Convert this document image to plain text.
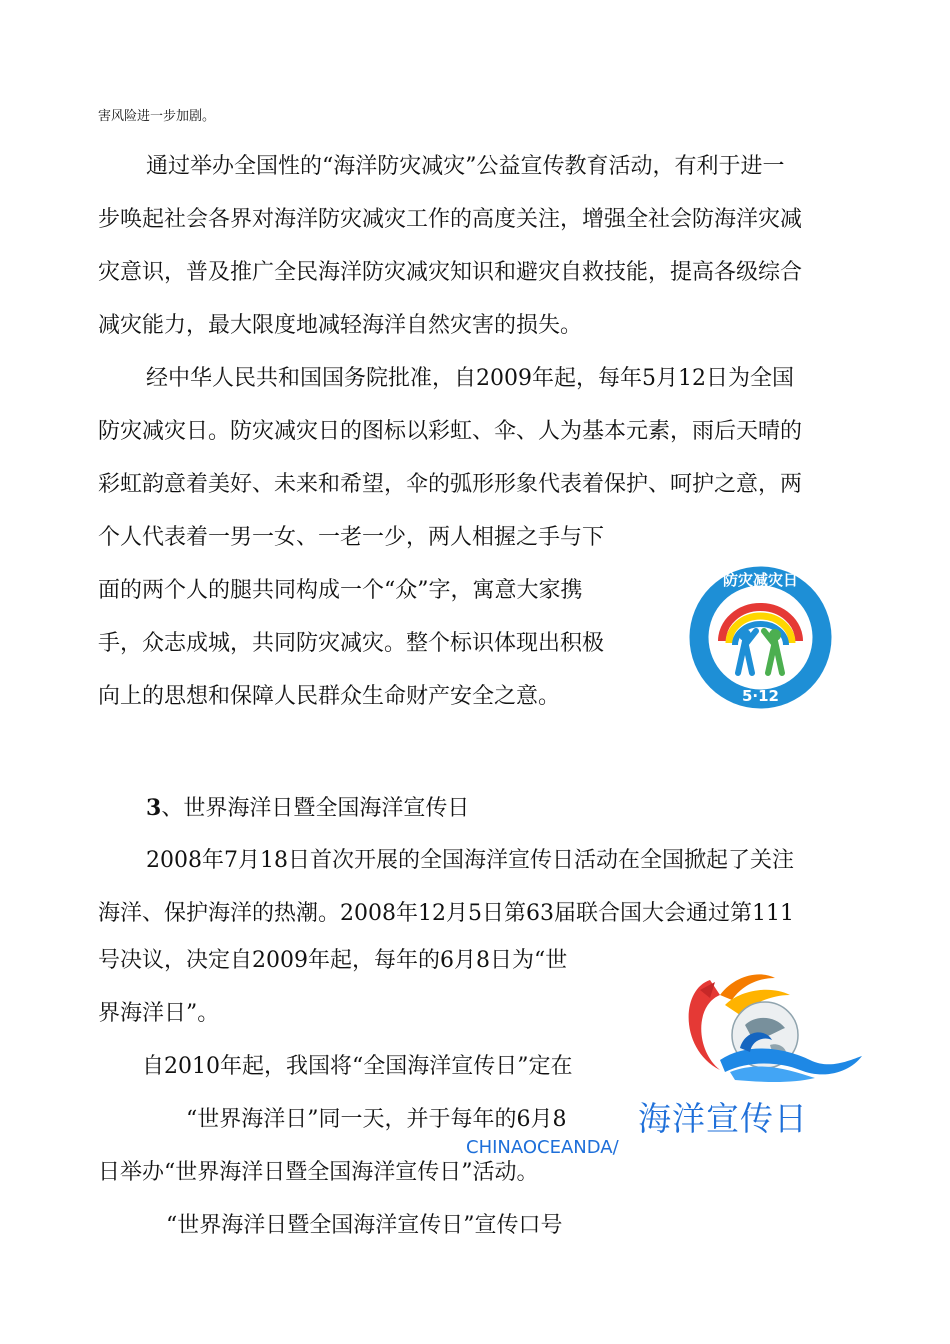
害风险进一步加剧。
通过举办全国性的“海洋防灾减灾”公益宣传教育活动，有利于进一
步唤起社会各界对海洋防灾减灾工作的高度关注，增强全社会防海洋灾减
灾意识，普及推广全民海洋防灾减灾知识和避灾自救技能，提高各级综合
减灾能力，最大限度地减轻海洋自然灾害的损失。
经中华人民共和国国务院批准，自2009年起，每年5月12日为全国
防灾减灾日。防灾减灾日的图标以彩虹、伞、人为基本元素，雨后天晴的
彩虹韵意着美好、未来和希望，伞的弧形形象代表着保护、呵护之意，两
个人代表着一男一女、一老一少，两人相握之手与下
面的两个人的腿共同构成一个“众”字，寓意大家携
手，众志成城，共同防灾减灾。整个标识体现出积极
向上的思想和保障人民群众生命财产安全之意。
防灾减灾日
5·12
3、世界海洋日暨全国海洋宣传日
2008年7月18日首次开展的全国海洋宣传日活动在全国掀起了关注
海洋、保护海洋的热潮。2008年12月5日第63届联合国大会通过第111
号决议，决定自2009年起，每年的6月8日为“世
界海洋日”。
自2010年起，我国将“全国海洋宣传日”定在
“世界海洋日”同一天，并于每年的6月8
日举办“世界海洋日暨全国海洋宣传日”活动。
海洋宣传日
CHINAOCEANDA/
“世界海洋日暨全国海洋宣传日”宣传口号
